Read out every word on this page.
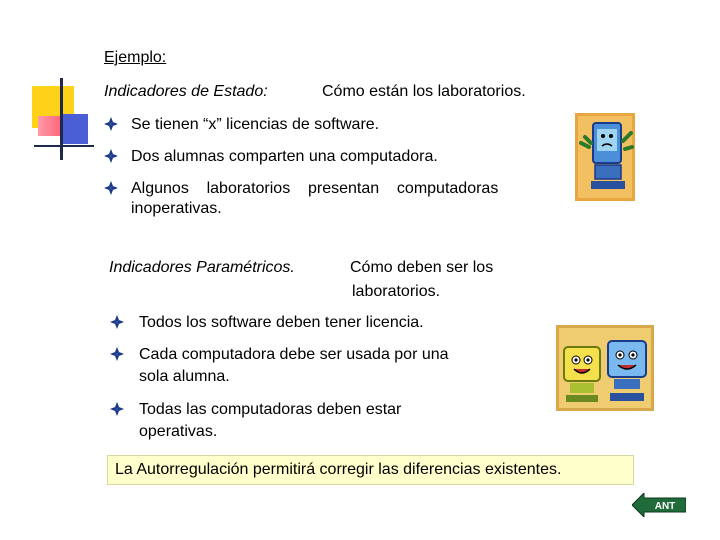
Ejemplo:
Indicadores de Estado:	Cómo están los laboratorios.
Se tienen “x” licencias de software.
Dos alumnas comparten una computadora.
Algunos    laboratorios    presentan    computadoras
inoperativas.
Indicadores Paramétricos.	Cómo deben ser los
laboratorios.
Todos los software deben tener licencia.
Cada computadora debe ser usada por una
sola alumna.
Todas las computadoras deben estar
operativas.
La Autorregulación permitirá corregir las diferencias existentes.
ANT
